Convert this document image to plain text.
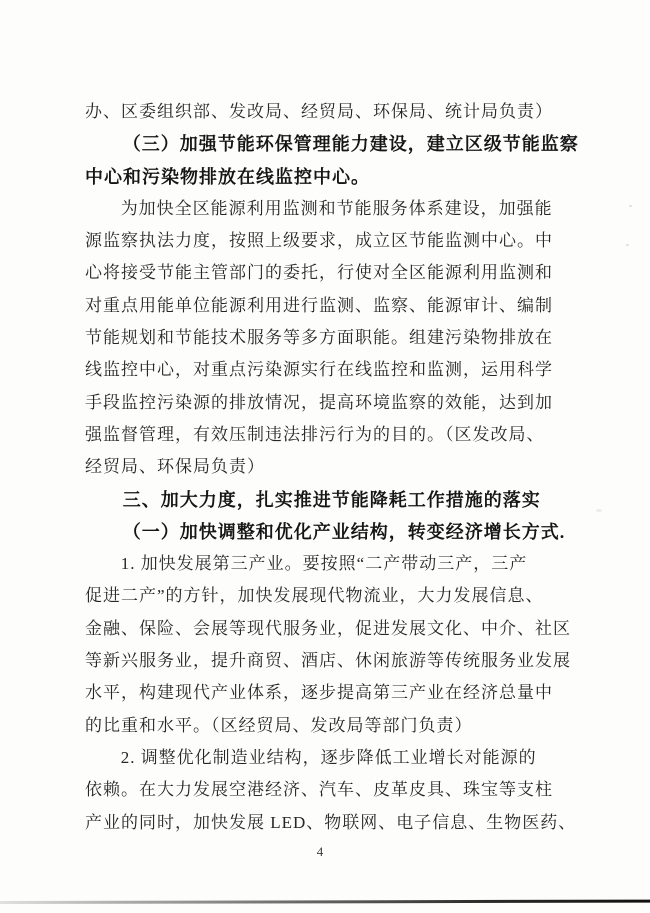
办、区委组织部、发改局、经贸局、环保局、统计局负责）
（三）加强节能环保管理能力建设，建立区级节能监察
中心和污染物排放在线监控中心。
为加快全区能源利用监测和节能服务体系建设，加强能
源监察执法力度，按照上级要求，成立区节能监测中心。中
心将接受节能主管部门的委托，行使对全区能源利用监测和
对重点用能单位能源利用进行监测、监察、能源审计、编制
节能规划和节能技术服务等多方面职能。组建污染物排放在
线监控中心，对重点污染源实行在线监控和监测，运用科学
手段监控污染源的排放情况，提高环境监察的效能，达到加
强监督管理，有效压制违法排污行为的目的。（区发改局、
经贸局、环保局负责）
三、加大力度，扎实推进节能降耗工作措施的落实
（一）加快调整和优化产业结构，转变经济增长方式.
1. 加快发展第三产业。要按照“二产带动三产，三产
促进二产”的方针，加快发展现代物流业，大力发展信息、
金融、保险、会展等现代服务业，促进发展文化、中介、社区
等新兴服务业，提升商贸、酒店、休闲旅游等传统服务业发展
水平，构建现代产业体系，逐步提高第三产业在经济总量中
的比重和水平。（区经贸局、发改局等部门负责）
2. 调整优化制造业结构，逐步降低工业增长对能源的
依赖。在大力发展空港经济、汽车、皮革皮具、珠宝等支柱
产业的同时，加快发展 LED、物联网、电子信息、生物医药、
4
